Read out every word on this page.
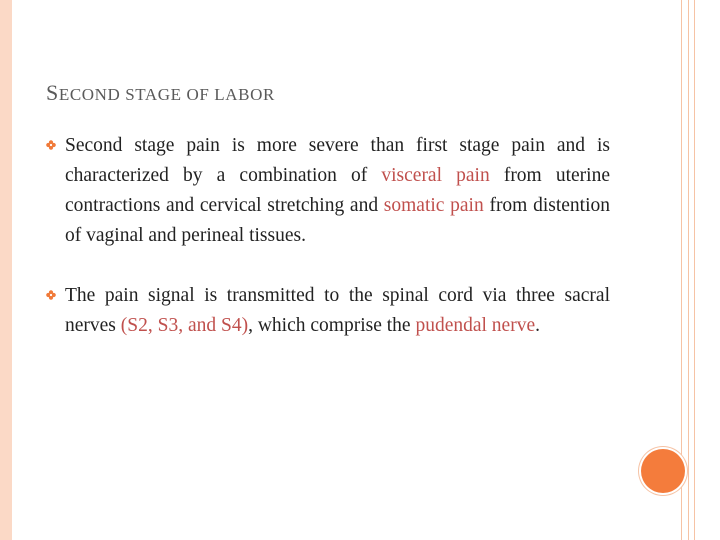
SECOND STAGE OF LABOR
Second stage pain is more severe than first stage pain and is characterized by a combination of visceral pain from uterine contractions and cervical stretching and somatic pain from distention of vaginal and perineal tissues.
The pain signal is transmitted to the spinal cord via three sacral nerves (S2, S3, and S4), which comprise the pudendal nerve.
